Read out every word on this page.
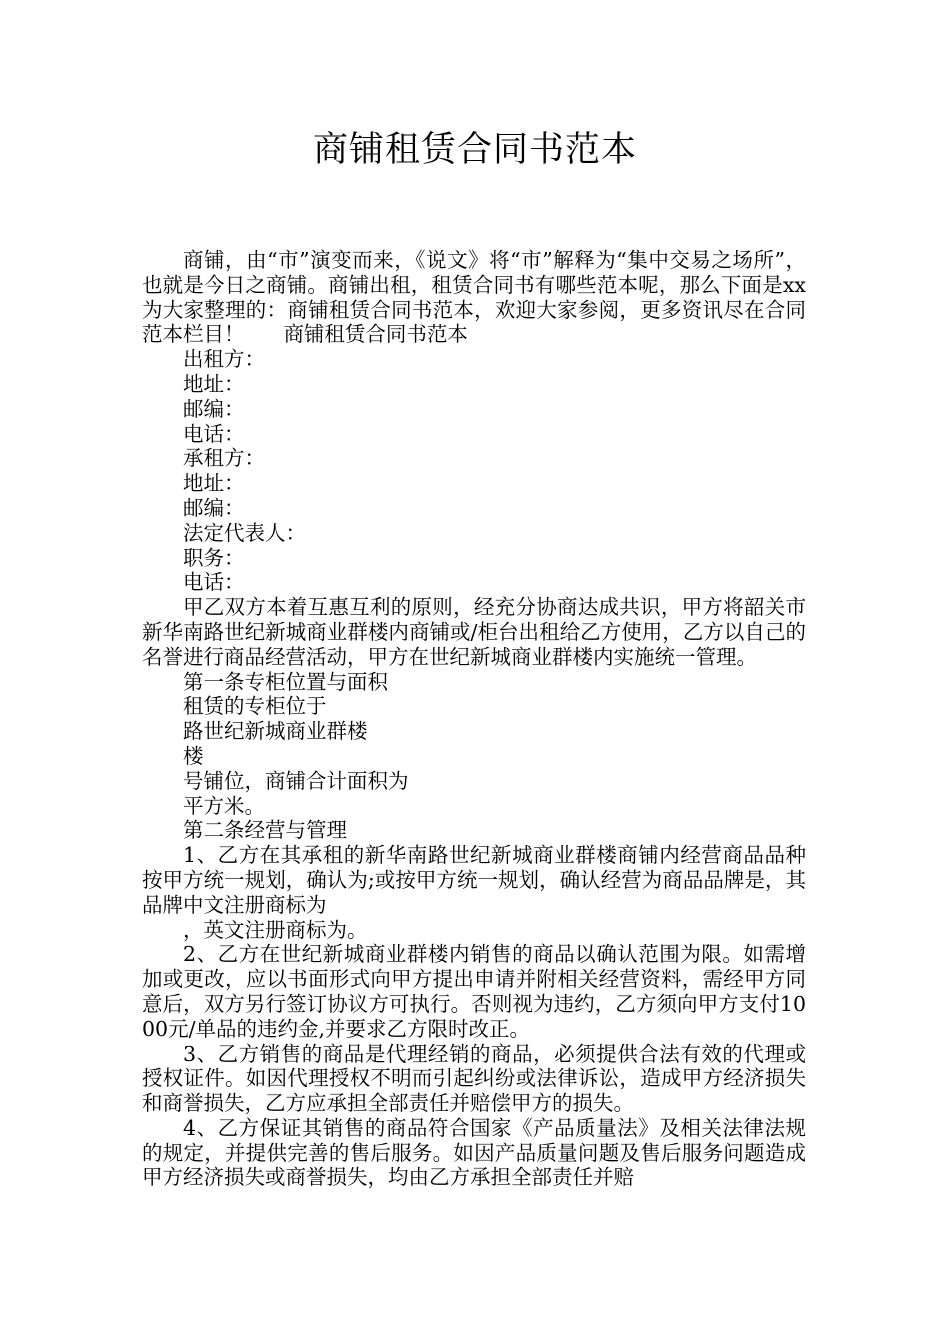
商铺租赁合同书范本

商铺，由“市”演变而来，《说文》将“市”解释为“集中交易之场所”，也就是今日之商铺。商铺出租，租赁合同书有哪些范本呢，那么下面是xx为大家整理的：商铺租赁合同书范本，欢迎大家参阅，更多资讯尽在合同范本栏目！ 商铺租赁合同书范本

出租方：

地址：

邮编：

电话：

承租方：

地址：

邮编：

法定代表人：

职务：

电话：

甲乙双方本着互惠互利的原则，经充分协商达成共识，甲方将韶关市新华南路世纪新城商业群楼内商铺或/柜台出租给乙方使用，乙方以自己的名誉进行商品经营活动，甲方在世纪新城商业群楼内实施统一管理。

第一条专柜位置与面积

租赁的专柜位于

路世纪新城商业群楼

楼

号铺位，商铺合计面积为

平方米。

第二条经营与管理

1、乙方在其承租的新华南路世纪新城商业群楼商铺内经营商品品种按甲方统一规划，确认为;或按甲方统一规划，确认经营为商品品牌是，其品牌中文注册商标为

，英文注册商标为。

2、乙方在世纪新城商业群楼内销售的商品以确认范围为限。如需增加或更改，应以书面形式向甲方提出申请并附相关经营资料，需经甲方同意后，双方另行签订协议方可执行。否则视为违约，乙方须向甲方支付1000元/单品的违约金,并要求乙方限时改正。

3、乙方销售的商品是代理经销的商品，必须提供合法有效的代理或授权证件。如因代理授权不明而引起纠纷或法律诉讼，造成甲方经济损失和商誉损失，乙方应承担全部责任并赔偿甲方的损失。

4、乙方保证其销售的商品符合国家《产品质量法》及相关法律法规的规定，并提供完善的售后服务。如因产品质量问题及售后服务问题造成甲方经济损失或商誉损失，均由乙方承担全部责任并赔
